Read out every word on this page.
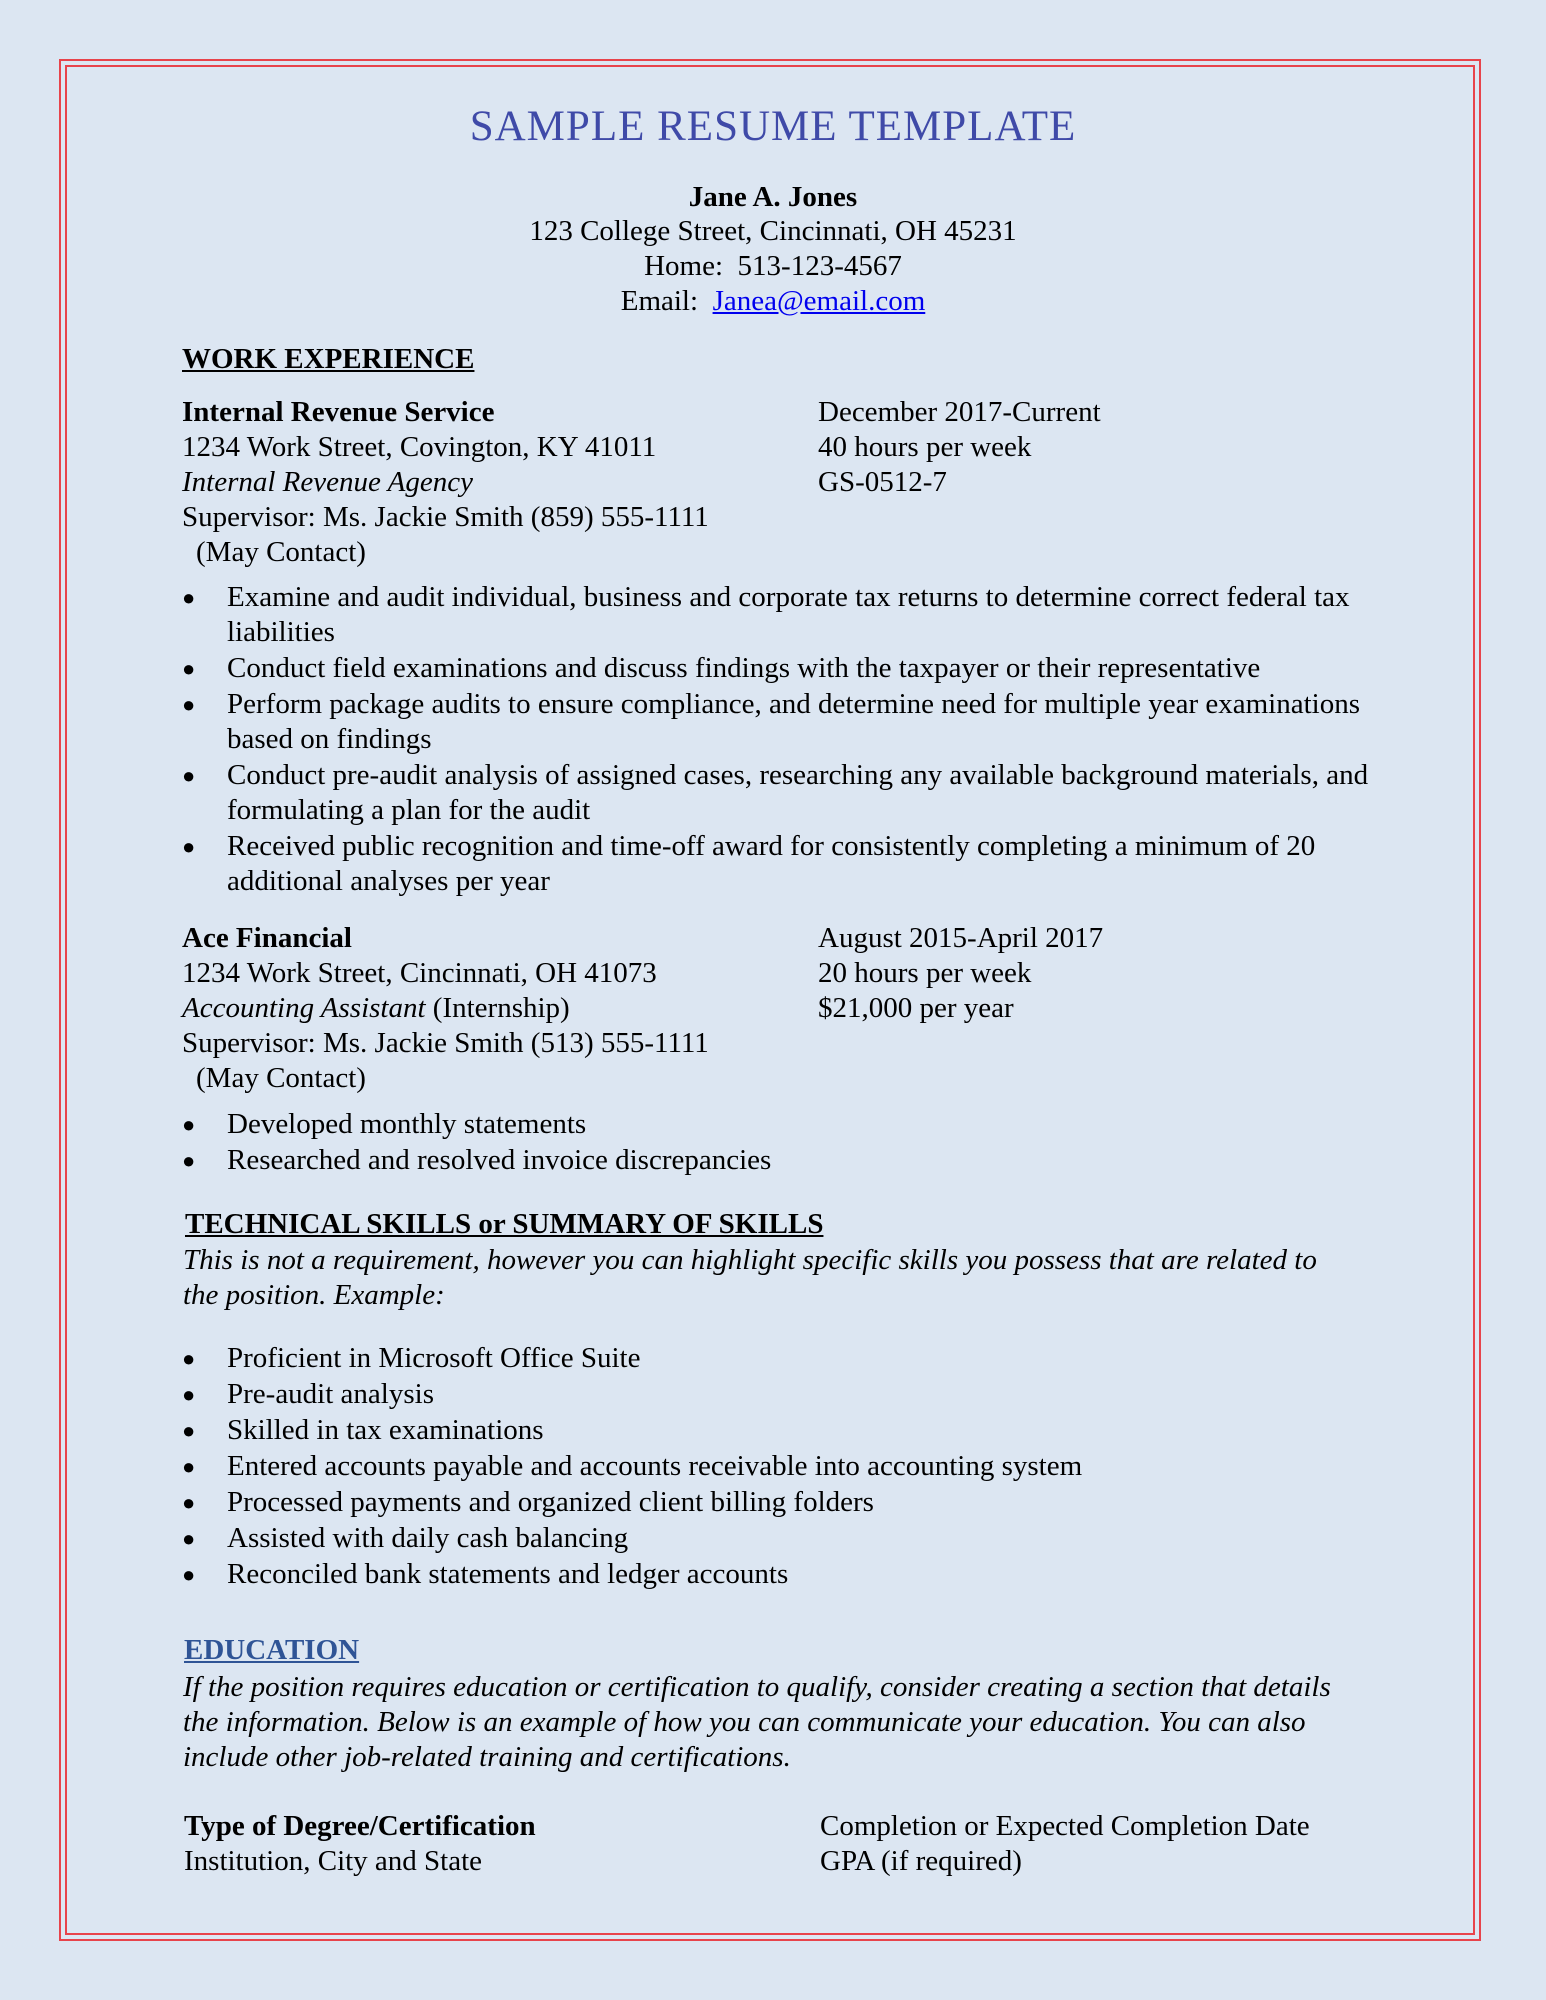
SAMPLE RESUME TEMPLATE
Jane A. Jones
123 College Street, Cincinnati, OH 45231
Home:  513-123-4567
Email:  Janea@email.com
WORK EXPERIENCE
Internal Revenue Service
1234 Work Street, Covington, KY 41011
Internal Revenue Agency
Supervisor: Ms. Jackie Smith (859) 555-1111
(May Contact)
December 2017-Current
40 hours per week
GS-0512-7
● Examine and audit individual, business and corporate tax returns to determine correct federal tax liabilities
● Conduct field examinations and discuss findings with the taxpayer or their representative
● Perform package audits to ensure compliance, and determine need for multiple year examinations based on findings
● Conduct pre-audit analysis of assigned cases, researching any available background materials, and formulating a plan for the audit
● Received public recognition and time-off award for consistently completing a minimum of 20 additional analyses per year
Ace Financial
1234 Work Street, Cincinnati, OH 41073
Accounting Assistant (Internship)
Supervisor: Ms. Jackie Smith (513) 555-1111
(May Contact)
August 2015-April 2017
20 hours per week
$21,000 per year
● Developed monthly statements
● Researched and resolved invoice discrepancies
TECHNICAL SKILLS or SUMMARY OF SKILLS
This is not a requirement, however you can highlight specific skills you possess that are related to the position. Example:
● Proficient in Microsoft Office Suite
● Pre-audit analysis
● Skilled in tax examinations
● Entered accounts payable and accounts receivable into accounting system
● Processed payments and organized client billing folders
● Assisted with daily cash balancing
● Reconciled bank statements and ledger accounts
EDUCATION
If the position requires education or certification to qualify, consider creating a section that details the information. Below is an example of how you can communicate your education. You can also include other job-related training and certifications.
Type of Degree/Certification
Institution, City and State
Completion or Expected Completion Date
GPA (if required)
